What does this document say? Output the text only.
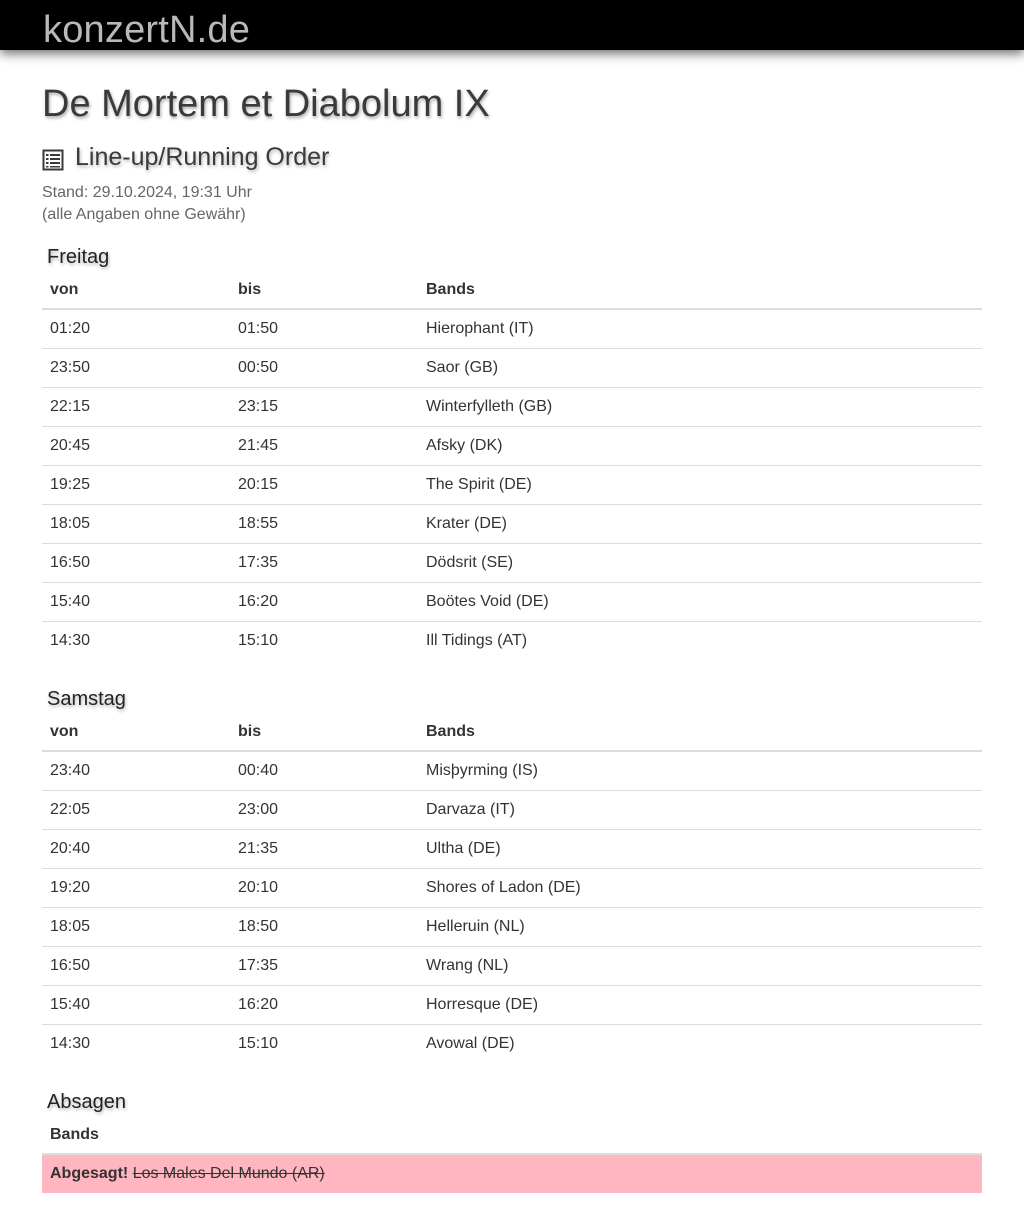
konzertN.de
De Mortem et Diabolum IX
Line-up/Running Order
Stand: 29.10.2024, 19:31 Uhr
(alle Angaben ohne Gewähr)
Freitag
von	bis	Bands
01:20	01:50	Hierophant (IT)
23:50	00:50	Saor (GB)
22:15	23:15	Winterfylleth (GB)
20:45	21:45	Afsky (DK)
19:25	20:15	The Spirit (DE)
18:05	18:55	Krater (DE)
16:50	17:35	Dödsrit (SE)
15:40	16:20	Boötes Void (DE)
14:30	15:10	Ill Tidings (AT)
Samstag
von	bis	Bands
23:40	00:40	Misþyrming (IS)
22:05	23:00	Darvaza (IT)
20:40	21:35	Ultha (DE)
19:20	20:10	Shores of Ladon (DE)
18:05	18:50	Helleruin (NL)
16:50	17:35	Wrang (NL)
15:40	16:20	Horresque (DE)
14:30	15:10	Avowal (DE)
Absagen
Bands
Abgesagt! Los Males Del Mundo (AR)
